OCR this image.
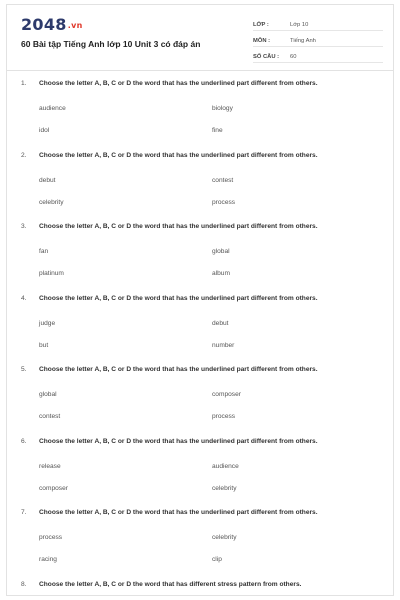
2048.vn
60 Bài tập Tiếng Anh lớp 10 Unit 3 có đáp án
LỚP :	Lớp 10
MÔN :	Tiếng Anh
SỐ CÂU :	60
1.	Choose the letter A, B, C or D the word that has the underlined part different from others.
audience	biology
idol	fine
2.	Choose the letter A, B, C or D the word that has the underlined part different from others.
debut	contest
celebrity	process
3.	Choose the letter A, B, C or D the word that has the underlined part different from others.
fan	global
platinum	album
4.	Choose the letter A, B, C or D the word that has the underlined part different from others.
judge	debut
but	number
5.	Choose the letter A, B, C or D the word that has the underlined part different from others.
global	composer
contest	process
6.	Choose the letter A, B, C or D the word that has the underlined part different from others.
release	audience
composer	celebrity
7.	Choose the letter A, B, C or D the word that has the underlined part different from others.
process	celebrity
racing	clip
8.	Choose the letter A, B, C or D the word that has different stress pattern from others.
